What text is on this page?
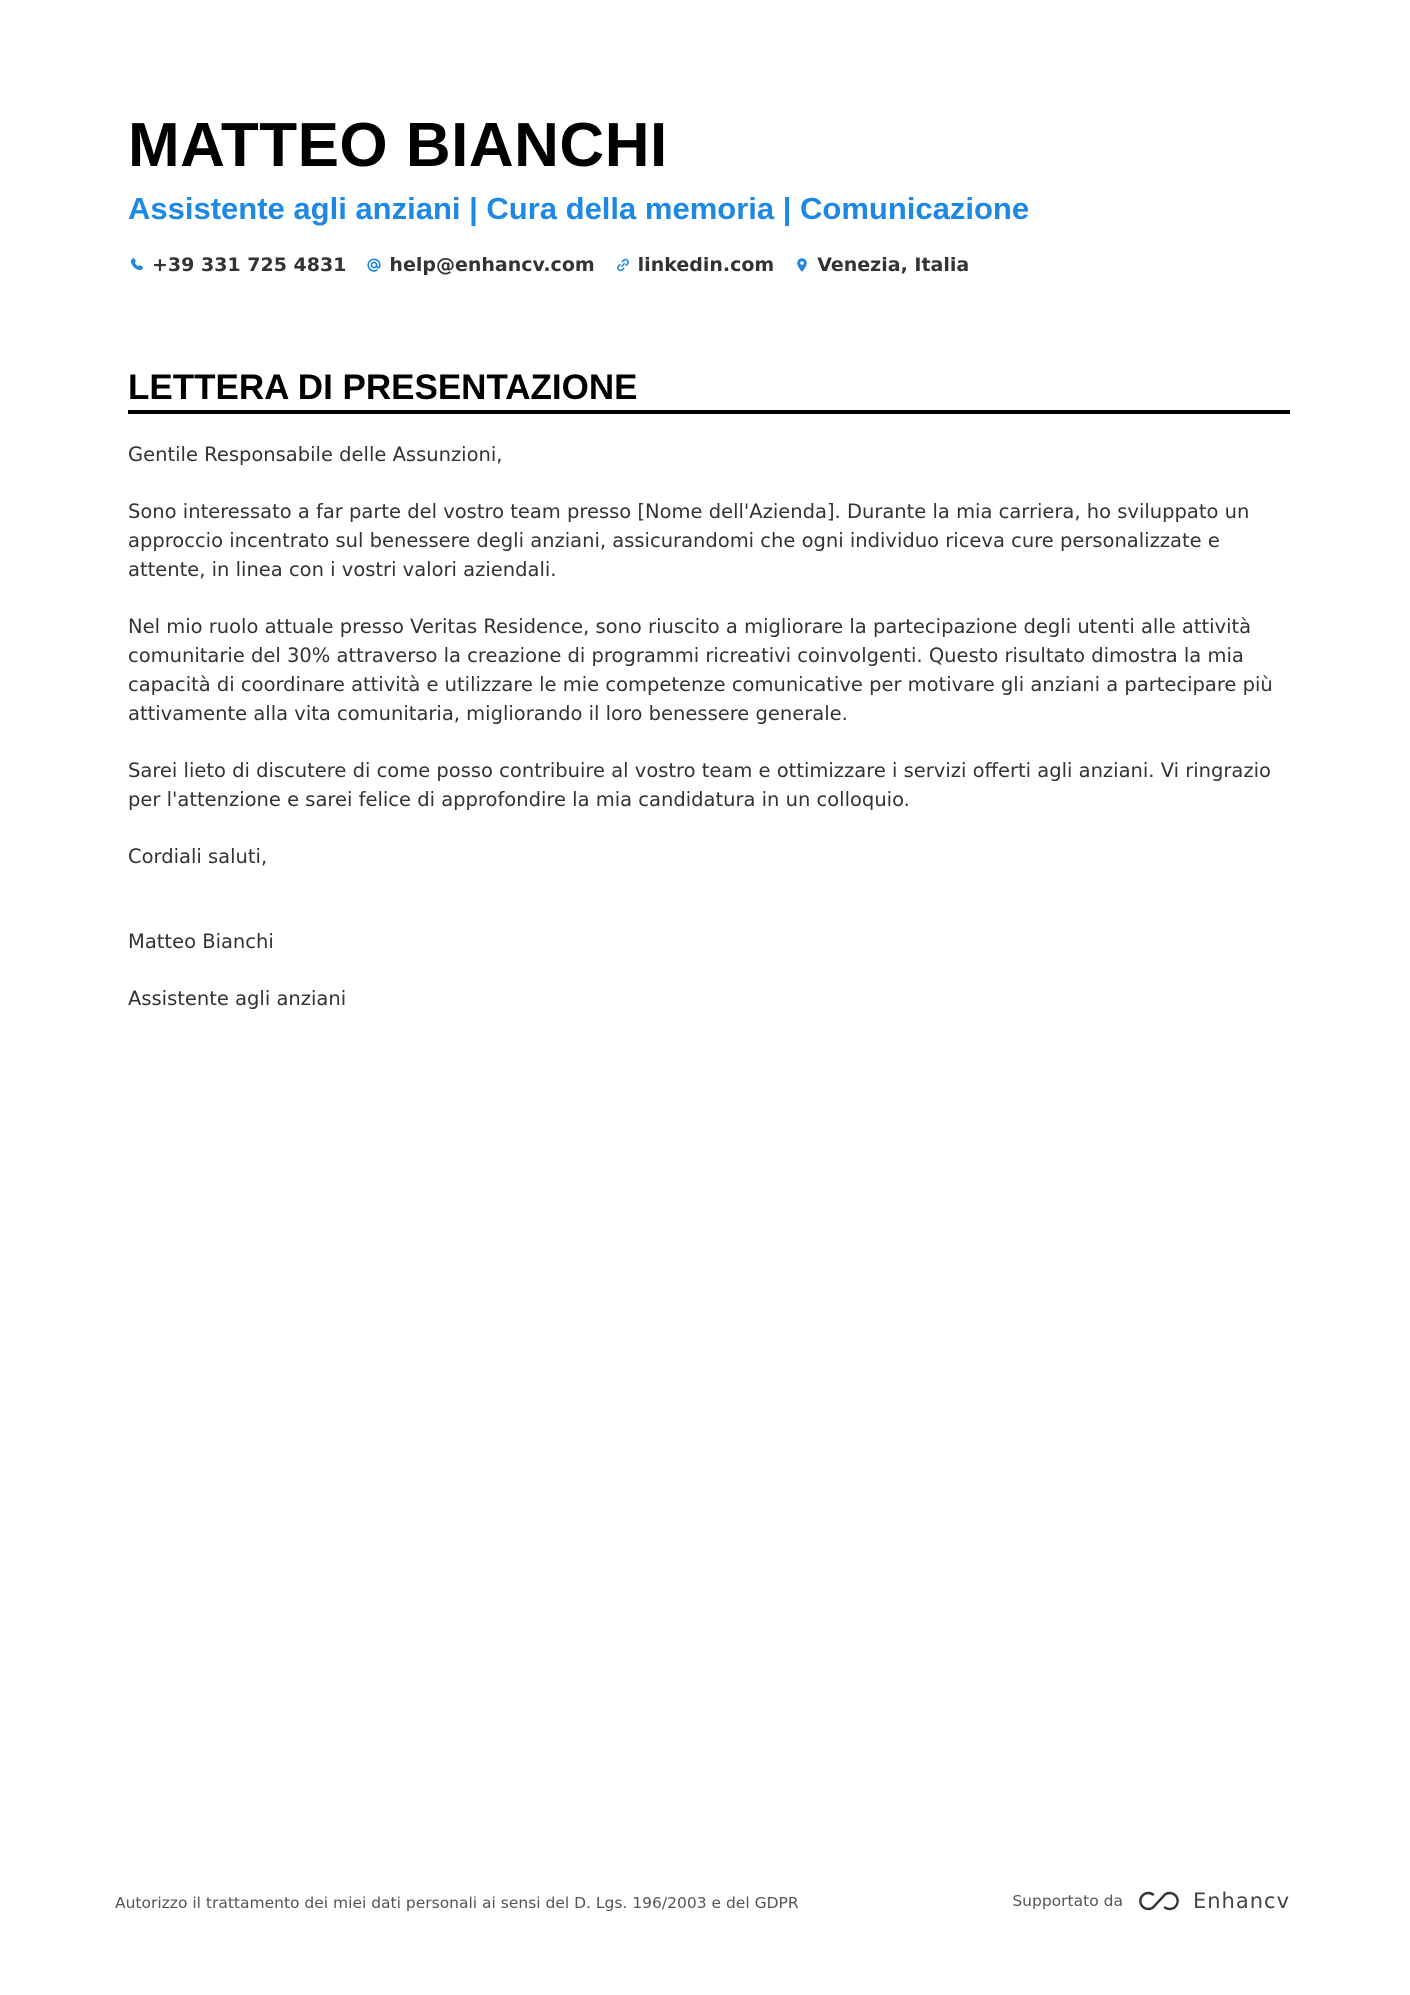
MATTEO BIANCHI
Assistente agli anziani | Cura della memoria | Comunicazione
+39 331 725 4831 help@enhancv.com linkedin.com Venezia, Italia
LETTERA DI PRESENTAZIONE

Gentile Responsabile delle Assunzioni,

Sono interessato a far parte del vostro team presso [Nome dell'Azienda]. Durante la mia carriera, ho sviluppato un approccio incentrato sul benessere degli anziani, assicurandomi che ogni individuo riceva cure personalizzate e attente, in linea con i vostri valori aziendali.

Nel mio ruolo attuale presso Veritas Residence, sono riuscito a migliorare la partecipazione degli utenti alle attività comunitarie del 30% attraverso la creazione di programmi ricreativi coinvolgenti. Questo risultato dimostra la mia capacità di coordinare attività e utilizzare le mie competenze comunicative per motivare gli anziani a partecipare più attivamente alla vita comunitaria, migliorando il loro benessere generale.

Sarei lieto di discutere di come posso contribuire al vostro team e ottimizzare i servizi offerti agli anziani. Vi ringrazio per l'attenzione e sarei felice di approfondire la mia candidatura in un colloquio.

Cordiali saluti,

Matteo Bianchi

Assistente agli anziani

Autorizzo il trattamento dei miei dati personali ai sensi del D. Lgs. 196/2003 e del GDPR	Supportato da	Enhancv
